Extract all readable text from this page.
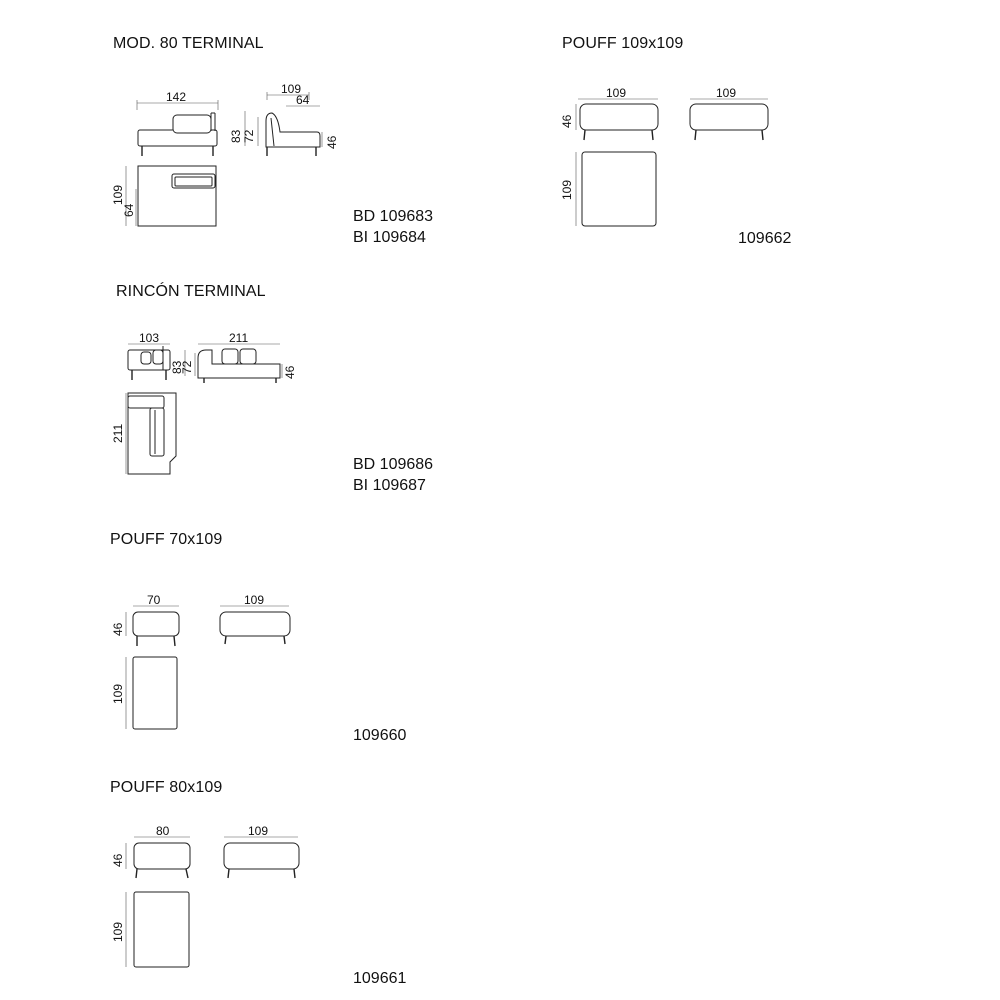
MOD. 80 TERMINAL	POUFF 109x109
RINCÓN TERMINAL
POUFF 70x109
POUFF 80x109
BD 109683
BI 109684	109662
BD 109686
BI 109687
109660
109661
142
109
64
83 72	46
109
64
109
46
109
109
103
83
72
211
46
211
70
46
109
109
80
46
109
109
